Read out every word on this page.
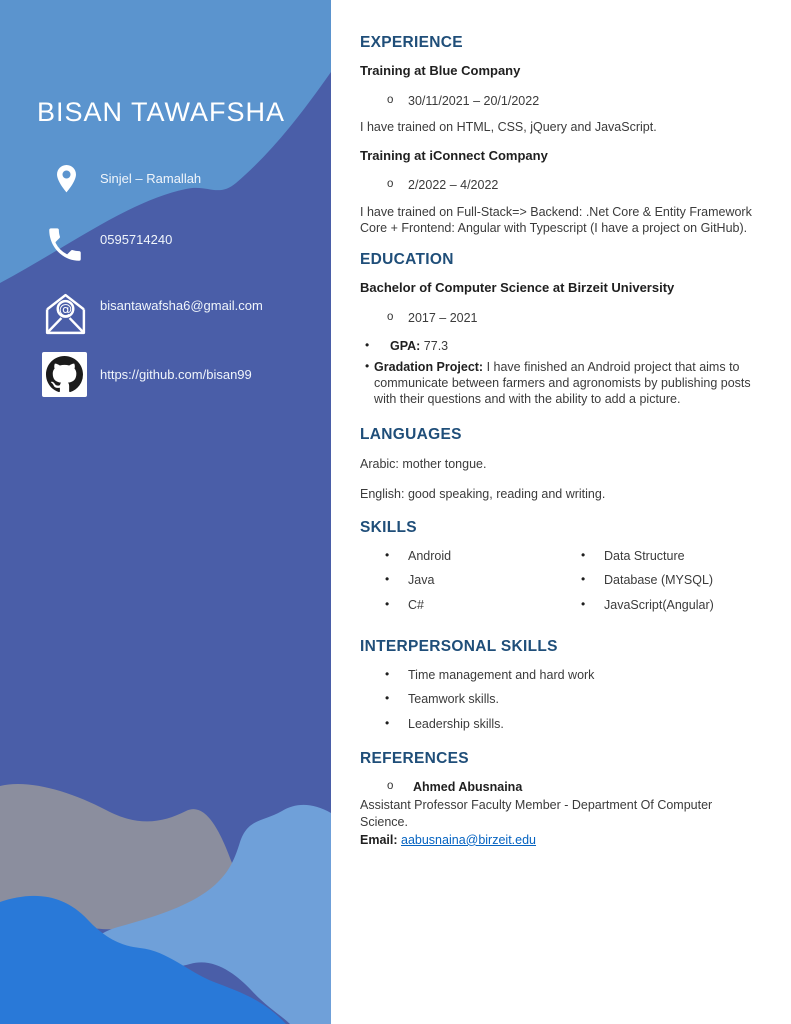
BISAN TAWAFSHA
Sinjel – Ramallah
0595714240
@ bisantawafsha6@gmail.com
https://github.com/bisan99
EXPERIENCE
Training at Blue Company
o	30/11/2021 – 20/1/2022
I have trained on HTML, CSS, jQuery and JavaScript.
Training at iConnect Company
o	2/2022 – 4/2022
I have trained on Full-Stack=> Backend: .Net Core & Entity Framework Core + Frontend: Angular with Typescript (I have a project on GitHub).
EDUCATION
Bachelor of Computer Science at Birzeit University
o	2017 – 2021
•	GPA: 77.3
• Gradation Project: I have finished an Android project that aims to communicate between farmers and agronomists by publishing posts with their questions and with the ability to add a picture.
LANGUAGES
Arabic: mother tongue.
English: good speaking, reading and writing.
SKILLS
•	Android	•	Data Structure
•	Java	•	Database (MYSQL)
•	C#	•	JavaScript(Angular)
INTERPERSONAL SKILLS
•	Time management and hard work
•	Teamwork skills.
•	Leadership skills.
REFERENCES
o	Ahmed Abusnaina
Assistant Professor Faculty Member - Department Of Computer Science.
Email: aabusnaina@birzeit.edu
